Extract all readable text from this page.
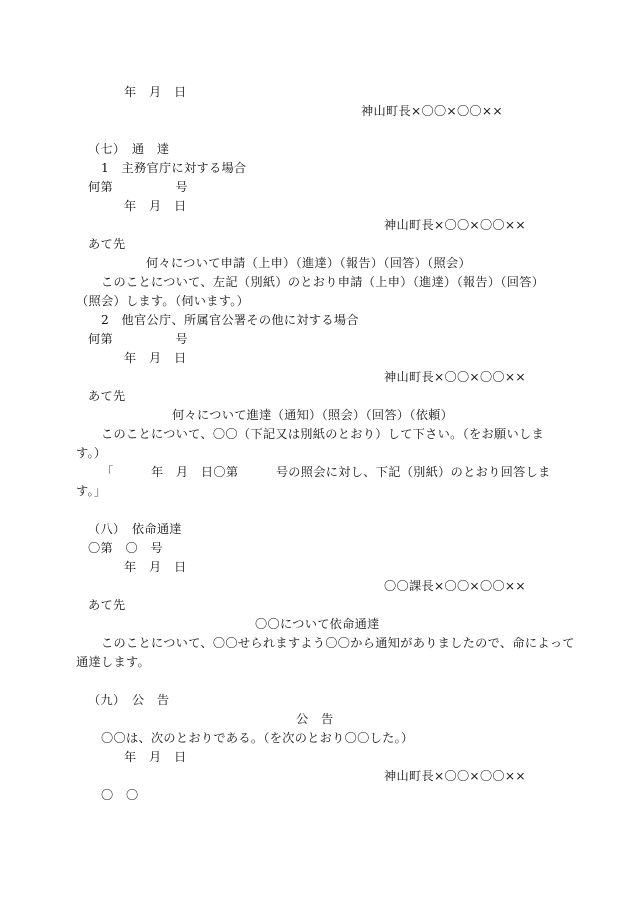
年　月　日

神山町長×〇〇×〇〇××

（七）　通　達

1　主務官庁に対する場合

何第　　　　　号

年　月　日

神山町長×〇〇×〇〇××

あて先

何々について申請（上申）（進達）（報告）（回答）（照会）

このことについて、左記（別紙）のとおり申請（上申）（進達）（報告）（回答）

（照会）します。（伺います。）

2　他官公庁、所属官公署その他に対する場合

何第　　　　　号

年　月　日

神山町長×〇〇×〇〇××

あて先

何々について進達（通知）（照会）（回答）（依頼）

このことについて、〇〇（下記又は別紙のとおり）して下さい。（をお願いしま

す。）

「　　　年　月　日〇第　　　号の照会に対し、下記（別紙）のとおり回答しま

す。」

（八）　依命通達

〇第　〇　号

年　月　日

〇〇課長×〇〇×〇〇××

あて先

〇〇について依命通達

このことについて、〇〇せられますよう〇〇から通知がありましたので、命によって

通達します。

（九）　公　告

公　告

〇〇は、次のとおりである。（を次のとおり〇〇した。）

年　月　日

神山町長×〇〇×〇〇××

〇　〇
